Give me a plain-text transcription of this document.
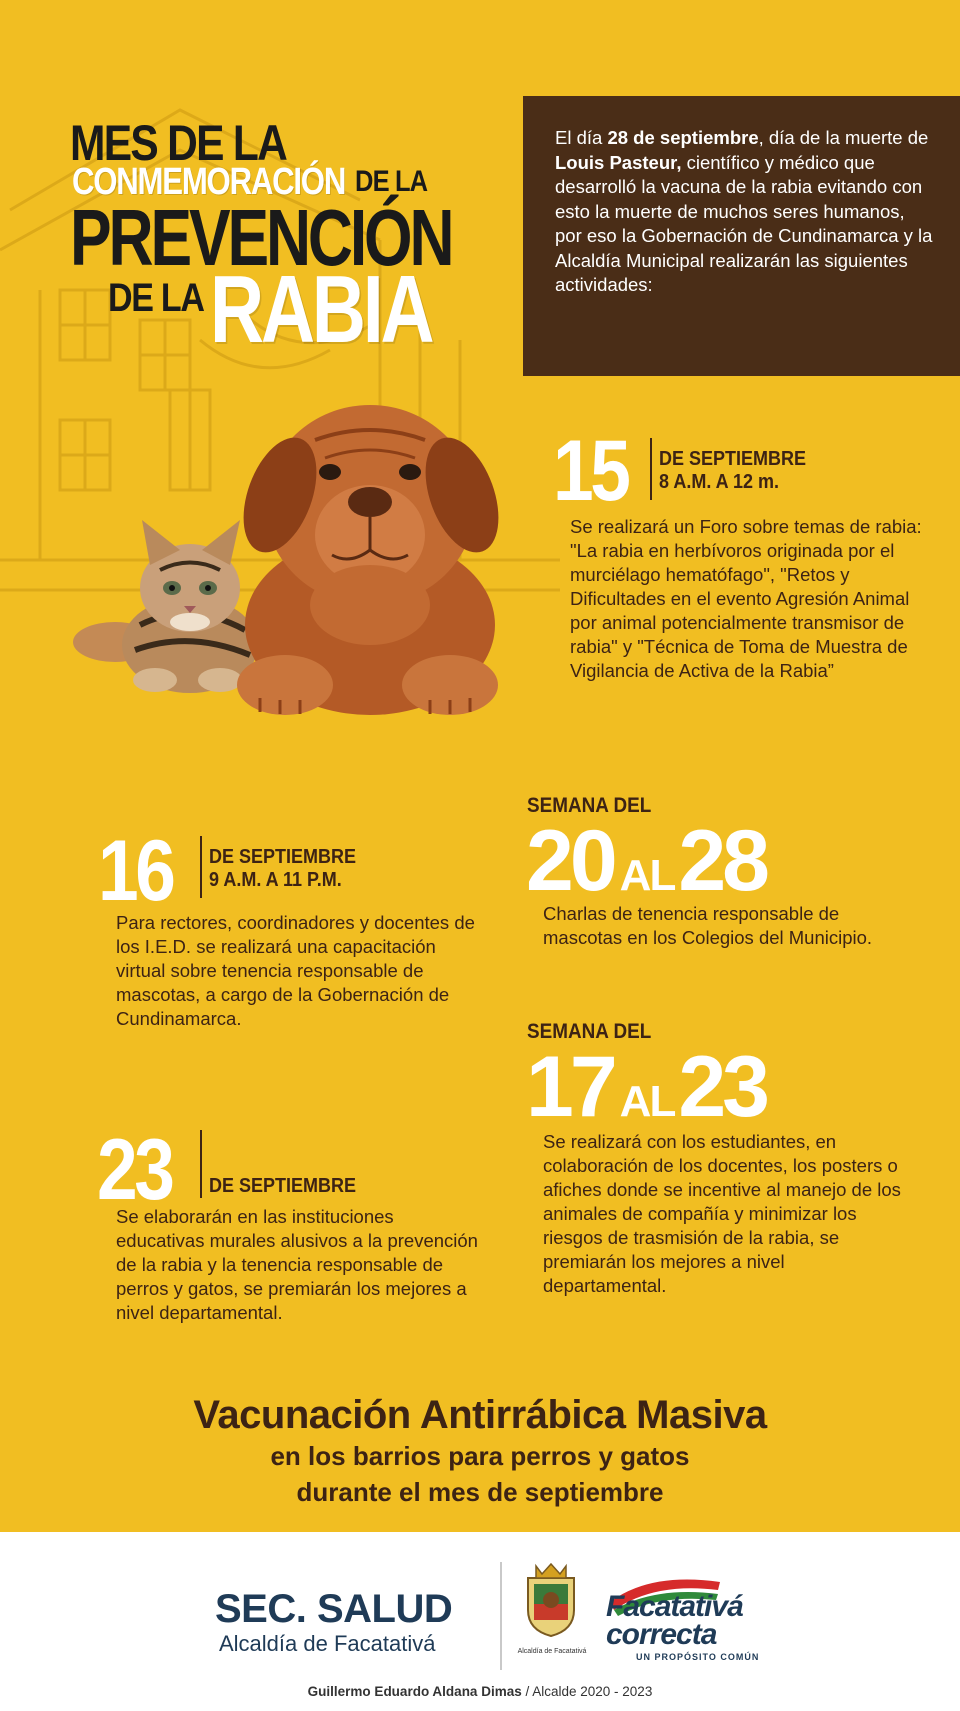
MES DE LA
CONMEMORACIÓN DE LA
PREVENCIÓN
DE LA RABIA
El día 28 de septiembre, día de la muerte de Louis Pasteur, científico y médico que desarrolló la vacuna de la rabia evitando con esto la muerte de muchos seres humanos, por eso la Gobernación de Cundinamarca y la Alcaldía Municipal realizarán las siguientes actividades:
15 DE SEPTIEMBRE
8 A.M. A 12 m.
Se realizará un Foro sobre temas de rabia: "La rabia en herbívoros originada por el murciélago hematófago", "Retos y Dificultades en el evento Agresión Animal por animal potencialmente transmisor de rabia" y "Técnica de Toma de Muestra de Vigilancia de Activa de la Rabia”
16 DE SEPTIEMBRE
9 A.M. A 11 P.M.
Para rectores, coordinadores y docentes de los I.E.D. se realizará una capacitación virtual sobre tenencia responsable de mascotas, a cargo de la Gobernación de Cundinamarca.
23 DE SEPTIEMBRE
Se elaborarán en las instituciones educativas murales alusivos a la prevención de la rabia y la tenencia responsable de perros y gatos, se premiarán los mejores a nivel departamental.
SEMANA DEL
20 AL28
Charlas de tenencia responsable de mascotas en los Colegios del Municipio.
SEMANA DEL
17 AL23
Se realizará con los estudiantes, en colaboración de los docentes, los posters o afiches donde se incentive al manejo de los animales de compañía y minimizar los riesgos de trasmisión de la rabia, se premiarán los mejores a nivel departamental.
Vacunación Antirrábica Masiva
en los barrios para perros y gatos
durante el mes de septiembre
SEC. SALUD
Alcaldía de Facatativá	Alcaldía de Facatativá
Facatativá
correcta
UN PROPÓSITO COMÚN
Guillermo Eduardo Aldana Dimas / Alcalde 2020 - 2023
